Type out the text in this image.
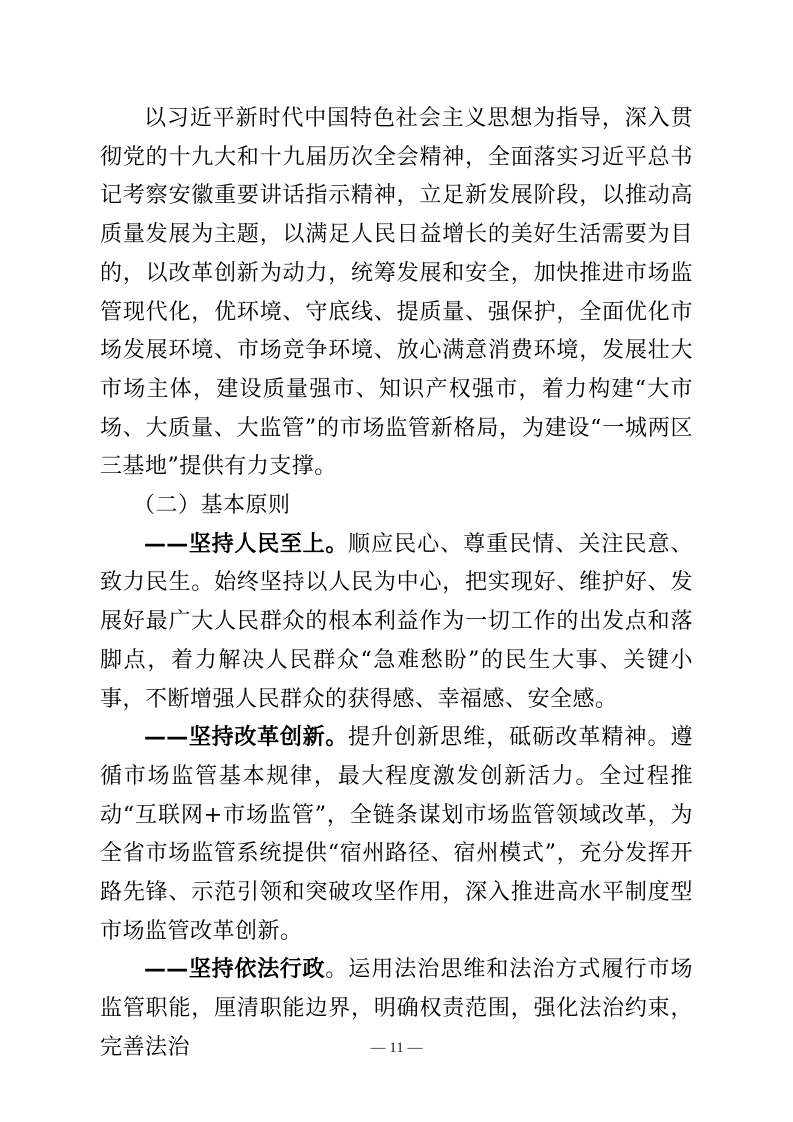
以习近平新时代中国特色社会主义思想为指导，深入贯彻党的十九大和十九届历次全会精神，全面落实习近平总书记考察安徽重要讲话指示精神，立足新发展阶段，以推动高质量发展为主题，以满足人民日益增长的美好生活需要为目的，以改革创新为动力，统筹发展和安全，加快推进市场监管现代化，优环境、守底线、提质量、强保护，全面优化市场发展环境、市场竞争环境、放心满意消费环境，发展壮大市场主体，建设质量强市、知识产权强市，着力构建“大市场、大质量、大监管”的市场监管新格局，为建设“一城两区三基地”提供有力支撑。

（二）基本原则

——坚持人民至上。顺应民心、尊重民情、关注民意、致力民生。始终坚持以人民为中心，把实现好、维护好、发展好最广大人民群众的根本利益作为一切工作的出发点和落脚点，着力解决人民群众“急难愁盼”的民生大事、关键小事，不断增强人民群众的获得感、幸福感、安全感。

——坚持改革创新。提升创新思维，砥砺改革精神。遵循市场监管基本规律，最大程度激发创新活力。全过程推动“互联网+市场监管”，全链条谋划市场监管领域改革，为全省市场监管系统提供“宿州路径、宿州模式”，充分发挥开路先锋、示范引领和突破攻坚作用，深入推进高水平制度型市场监管改革创新。

——坚持依法行政。运用法治思维和法治方式履行市场监管职能，厘清职能边界，明确权责范围，强化法治约束，完善法治	— 11 —
